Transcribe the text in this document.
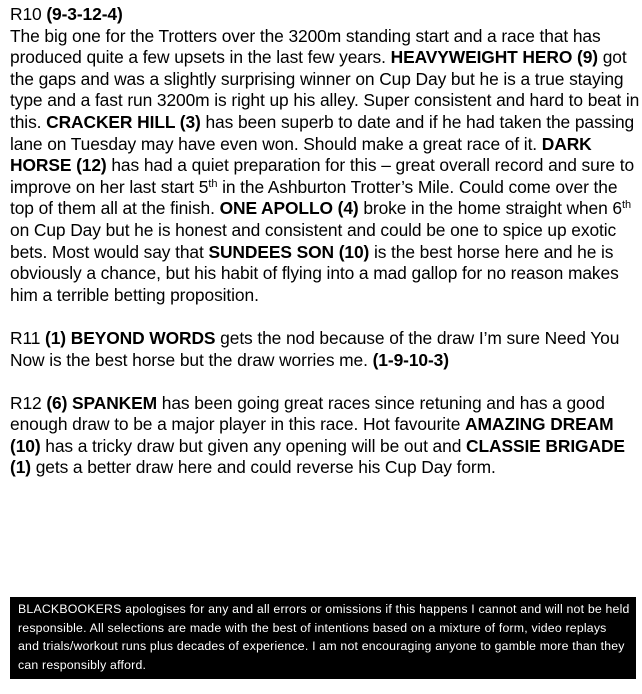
R10 (9-3-12-4)

The big one for the Trotters over the 3200m standing start and a race that has produced quite a few upsets in the last few years. HEAVYWEIGHT HERO (9) got the gaps and was a slightly surprising winner on Cup Day but he is a true staying type and a fast run 3200m is right up his alley. Super consistent and hard to beat in this. CRACKER HILL (3) has been superb to date and if he had taken the passing lane on Tuesday may have even won. Should make a great race of it. DARK HORSE (12) has had a quiet preparation for this – great overall record and sure to improve on her last start 5th in the Ashburton Trotter’s Mile. Could come over the top of them all at the finish. ONE APOLLO (4) broke in the home straight when 6th on Cup Day but he is honest and consistent and could be one to spice up exotic bets. Most would say that SUNDEES SON (10) is the best horse here and he is obviously a chance, but his habit of flying into a mad gallop for no reason makes him a terrible betting proposition.

R11 (1) BEYOND WORDS gets the nod because of the draw I’m sure Need You Now is the best horse but the draw worries me. (1-9-10-3)

R12 (6) SPANKEM has been going great races since retuning and has a good enough draw to be a major player in this race. Hot favourite AMAZING DREAM (10) has a tricky draw but given any opening will be out and CLASSIE BRIGADE (1) gets a better draw here and could reverse his Cup Day form.

BLACKBOOKERS apologises for any and all errors or omissions if this happens I cannot and will not be held responsible. All selections are made with the best of intentions based on a mixture of form, video replays and trials/workout runs plus decades of experience. I am not encouraging anyone to gamble more than they can responsibly afford.
